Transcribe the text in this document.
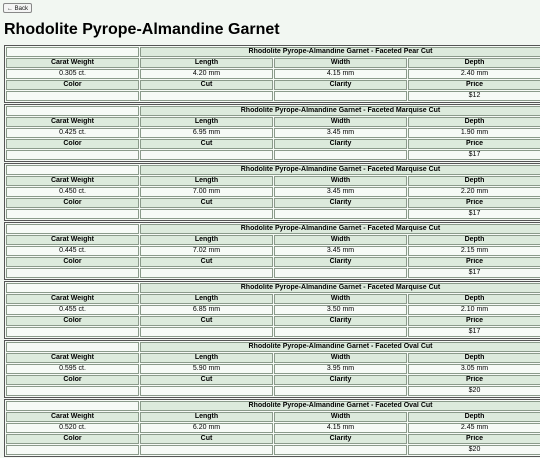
← Back
Rhodolite Pyrope-Almandine Garnet
	Rhodolite Pyrope-Almandine Garnet - Faceted Pear Cut		
Carat Weight	Length	Width	Depth
0.305 ct.	4.20 mm	4.15 mm	2.40 mm
Color	Cut	Clarity	Price
			$12
	Rhodolite Pyrope-Almandine Garnet - Faceted Marquise Cut		
Carat Weight	Length	Width	Depth
0.425 ct.	6.95 mm	3.45 mm	1.90 mm
Color	Cut	Clarity	Price
			$17
	Rhodolite Pyrope-Almandine Garnet - Faceted Marquise Cut		
Carat Weight	Length	Width	Depth
0.450 ct.	7.00 mm	3.45 mm	2.20 mm
Color	Cut	Clarity	Price
			$17
	Rhodolite Pyrope-Almandine Garnet - Faceted Marquise Cut		
Carat Weight	Length	Width	Depth
0.445 ct.	7.02 mm	3.45 mm	2.15 mm
Color	Cut	Clarity	Price
			$17
	Rhodolite Pyrope-Almandine Garnet - Faceted Marquise Cut		
Carat Weight	Length	Width	Depth
0.455 ct.	6.85 mm	3.50 mm	2.10 mm
Color	Cut	Clarity	Price
			$17
	Rhodolite Pyrope-Almandine Garnet - Faceted Oval Cut		
Carat Weight	Length	Width	Depth
0.595 ct.	5.90 mm	3.95 mm	3.05 mm
Color	Cut	Clarity	Price
			$20
	Rhodolite Pyrope-Almandine Garnet - Faceted Oval Cut		
Carat Weight	Length	Width	Depth
0.520 ct.	6.20 mm	4.15 mm	2.45 mm
Color	Cut	Clarity	Price
			$20
